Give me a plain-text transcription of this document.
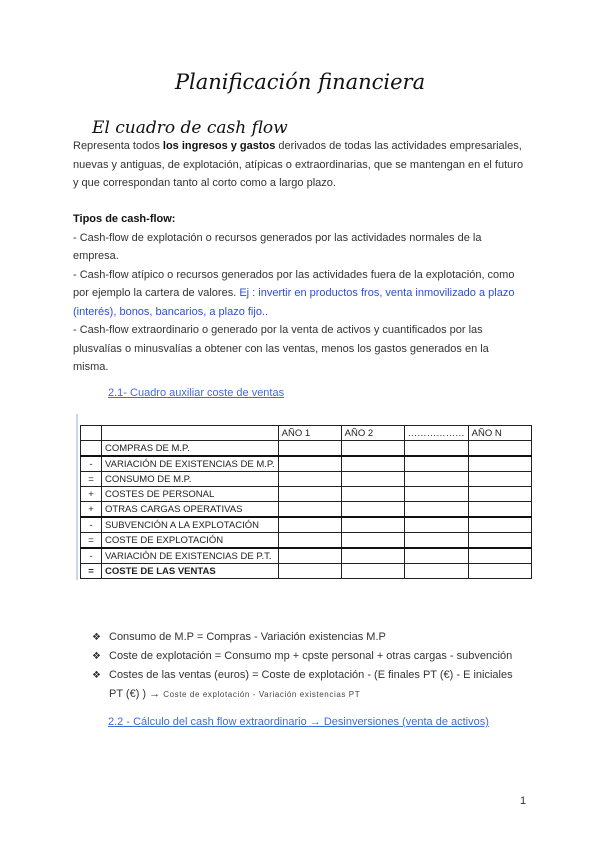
Planificación financiera
El cuadro de cash flow
Representa todos los ingresos y gastos derivados de todas las actividades empresariales,
nuevas y antiguas, de explotación, atípicas o extraordinarias, que se mantengan en el futuro
y que correspondan tanto al corto como a largo plazo.
Tipos de cash-flow:
- Cash-flow de explotación o recursos generados por las actividades normales de la
empresa.
- Cash-flow atípico o recursos generados por las actividades fuera de la explotación, como
por ejemplo la cartera de valores. Ej : invertir en productos fros, venta inmovilizado a plazo
(interés), bonos, bancarios, a plazo fijo..
- Cash-flow extraordinario o generado por la venta de activos y cuantificados por las
plusvalías o minusvalías a obtener con las ventas, menos los gastos generados en la
misma.
2.1- Cuadro auxiliar coste de ventas
		AÑO 1	AÑO 2	………………	AÑO N
	COMPRAS DE M.P.				
-	VARIACIÓN DE EXISTENCIAS DE M.P.				
=	CONSUMO DE M.P.				
+	COSTES DE PERSONAL				
+	OTRAS CARGAS OPERATIVAS				
-	SUBVENCIÓN A LA EXPLOTACIÓN				
=	COSTE DE EXPLOTACIÓN				
-	VARIACIÓN DE EXISTENCIAS DE P.T.				
=	COSTE DE LAS VENTAS				
❖ Consumo de M.P = Compras - Variación existencias M.P
❖ Coste de explotación = Consumo mp + cpste personal + otras cargas - subvención
❖ Costes de las ventas (euros) = Coste de explotación - (E finales PT (€) - E iniciales
PT (€) ) → Coste de explotación - Variación existencias PT
2.2 - Cálculo del cash flow extraordinario → Desinversiones (venta de activos)
1
